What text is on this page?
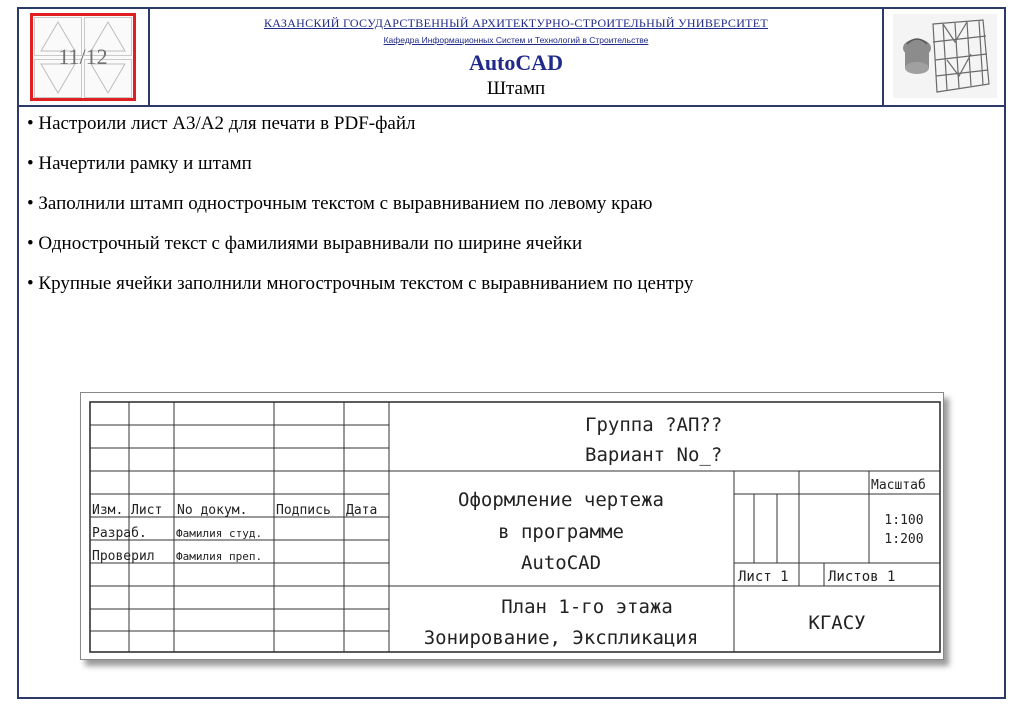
11/12
КАЗАНСКИЙ ГОСУДАРСТВЕННЫЙ АРХИТЕКТУРНО-СТРОИТЕЛЬНЫЙ УНИВЕРСИТЕТ
Кафедра Информационных Систем и Технологий в Строительстве
AutoCAD
Штамп
• Настроили лист А3/А2 для печати в PDF-файл
• Начертили рамку и штамп
• Заполнили штамп однострочным текстом с выравниванием по левому краю
• Однострочный текст с фамилиями выравнивали по ширине ячейки
• Крупные ячейки заполнили многострочным текстом с выравниванием по центру
Группа ?АП??
Вариант No_?
Изм. Лист No докум. Подпись Дата
Разраб.
Проверил
Фамилия студ.
Фамилия преп.
Оформление чертежа
в программе
AutoCAD
Масштаб
1:100
1:200
Лист 1	Листов 1
План 1-го этажа
Зонирование, Экспликация
КГАСУ
